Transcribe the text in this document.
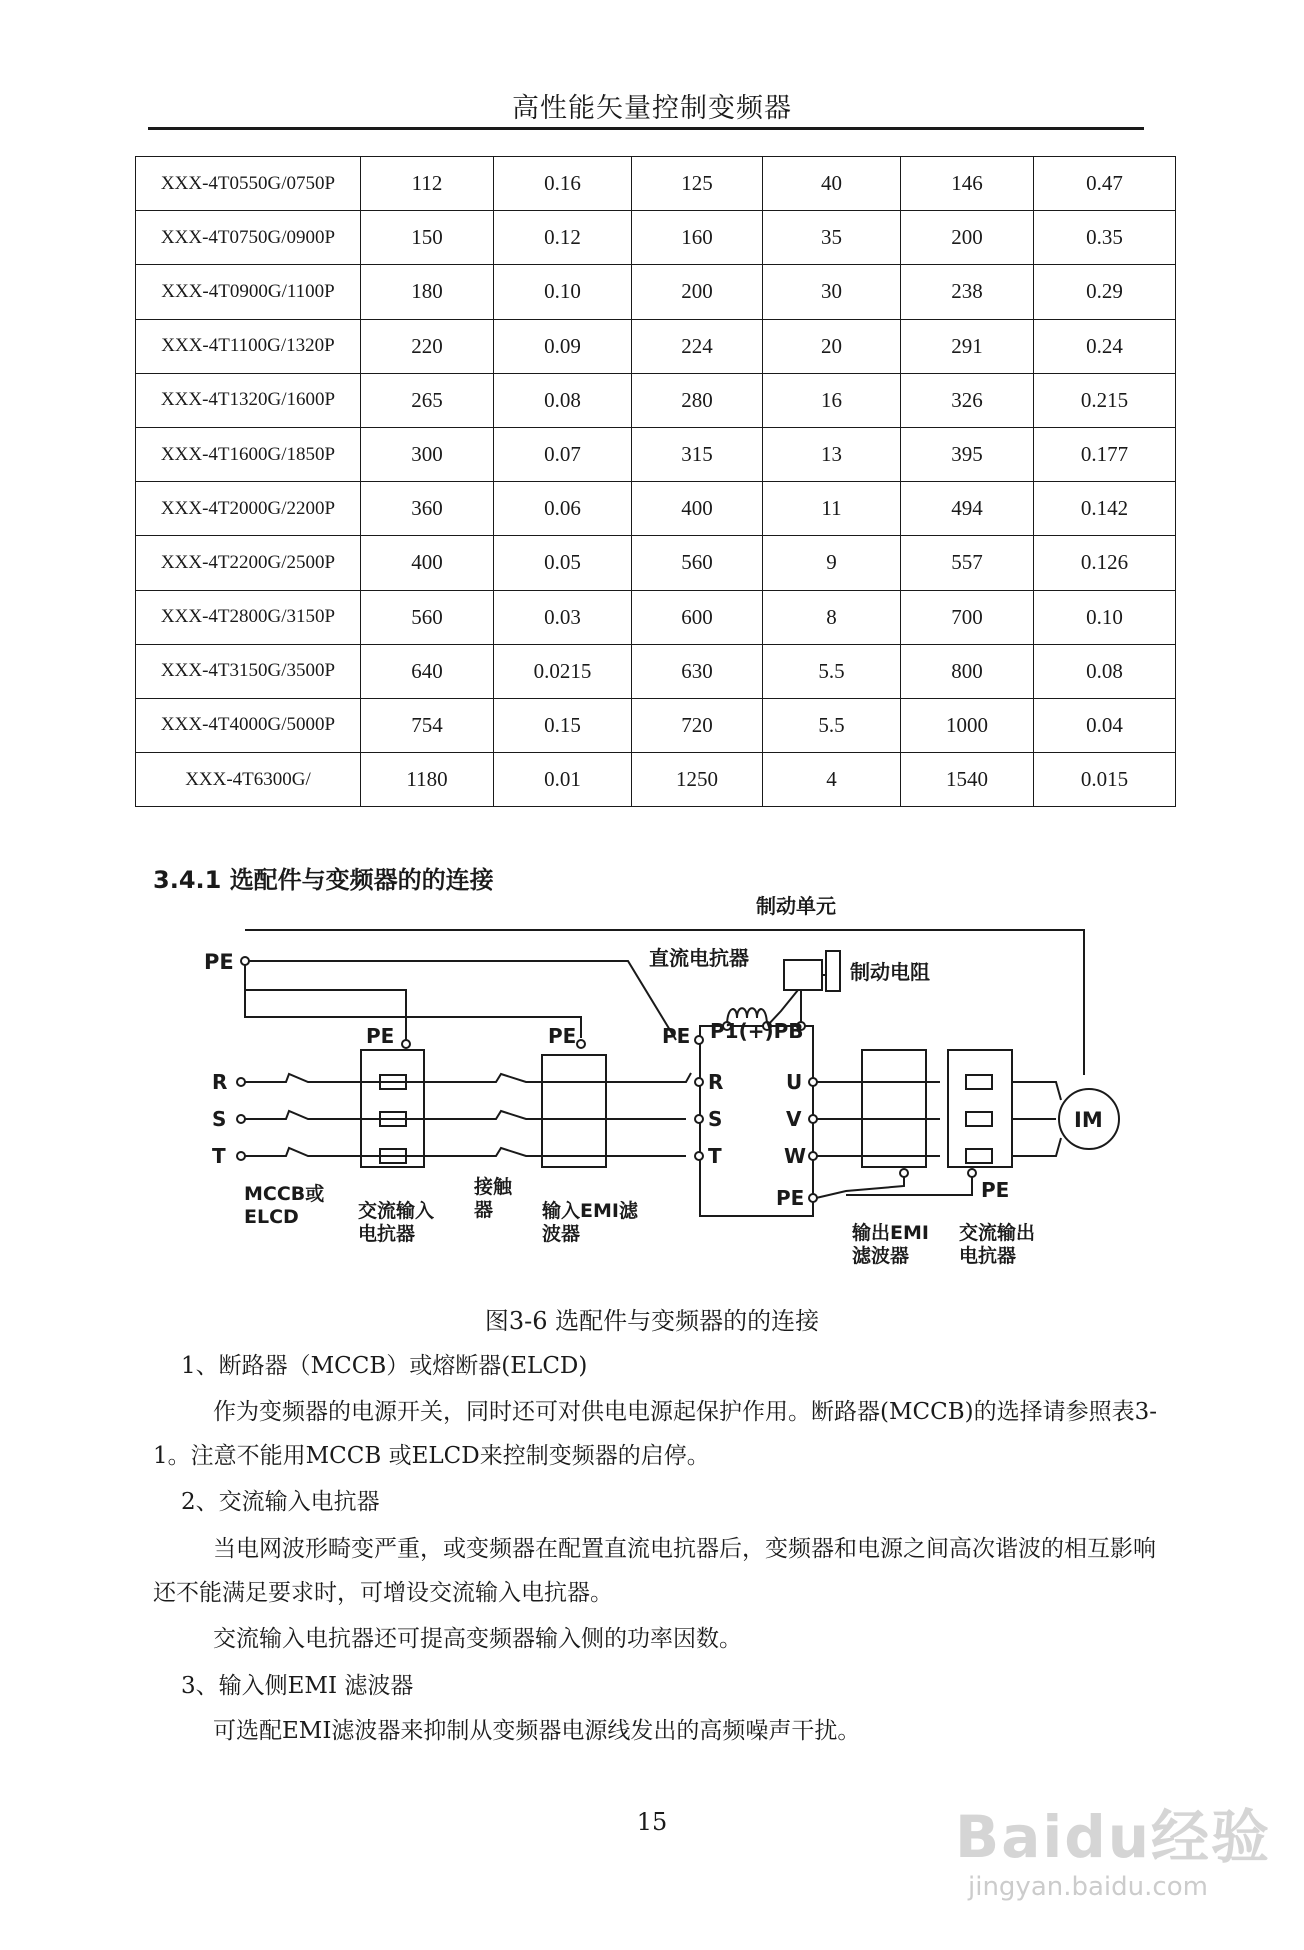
高性能矢量控制变频器
XXX-4T0550G/0750P	112	0.16	125	40	146	0.47
XXX-4T0750G/0900P	150	0.12	160	35	200	0.35
XXX-4T0900G/1100P	180	0.10	200	30	238	0.29
XXX-4T1100G/1320P	220	0.09	224	20	291	0.24
XXX-4T1320G/1600P	265	0.08	280	16	326	0.215
XXX-4T1600G/1850P	300	0.07	315	13	395	0.177
XXX-4T2000G/2200P	360	0.06	400	11	494	0.142
XXX-4T2200G/2500P	400	0.05	560	9	557	0.126
XXX-4T2800G/3150P	560	0.03	600	8	700	0.10
XXX-4T3150G/3500P	640	0.0215	630	5.5	800	0.08
XXX-4T4000G/5000P	754	0.15	720	5.5	1000	0.04
XXX-4T6300G/	1180	0.01	1250	4	1540	0.015
3.4.1 选配件与变频器的的连接
制动单元
直流电抗器
制动电阻
PE
PE	PE	PE P1(+)PB
R
S
T
R
S
T
U
V
W
PE	PE
IM
MCCB或
ELCD
接触
器
交流输入
电抗器
输入EMI滤
波器	输出EMI
滤波器
交流输出
电抗器
图3-6 选配件与变频器的的连接

1、断路器（MCCB）或熔断器(ELCD)

作为变频器的电源开关，同时还可对供电电源起保护作用。断路器(MCCB)的选择请参照表3-1。注意不能用MCCB 或ELCD来控制变频器的启停。

2、交流输入电抗器

当电网波形畸变严重，或变频器在配置直流电抗器后，变频器和电源之间高次谐波的相互影响还不能满足要求时，可增设交流输入电抗器。

交流输入电抗器还可提高变频器输入侧的功率因数。

3、输入侧EMI 滤波器

可选配EMI滤波器来抑制从变频器电源线发出的高频噪声干扰。

15	Baidu经验
jingyan.baidu.com
